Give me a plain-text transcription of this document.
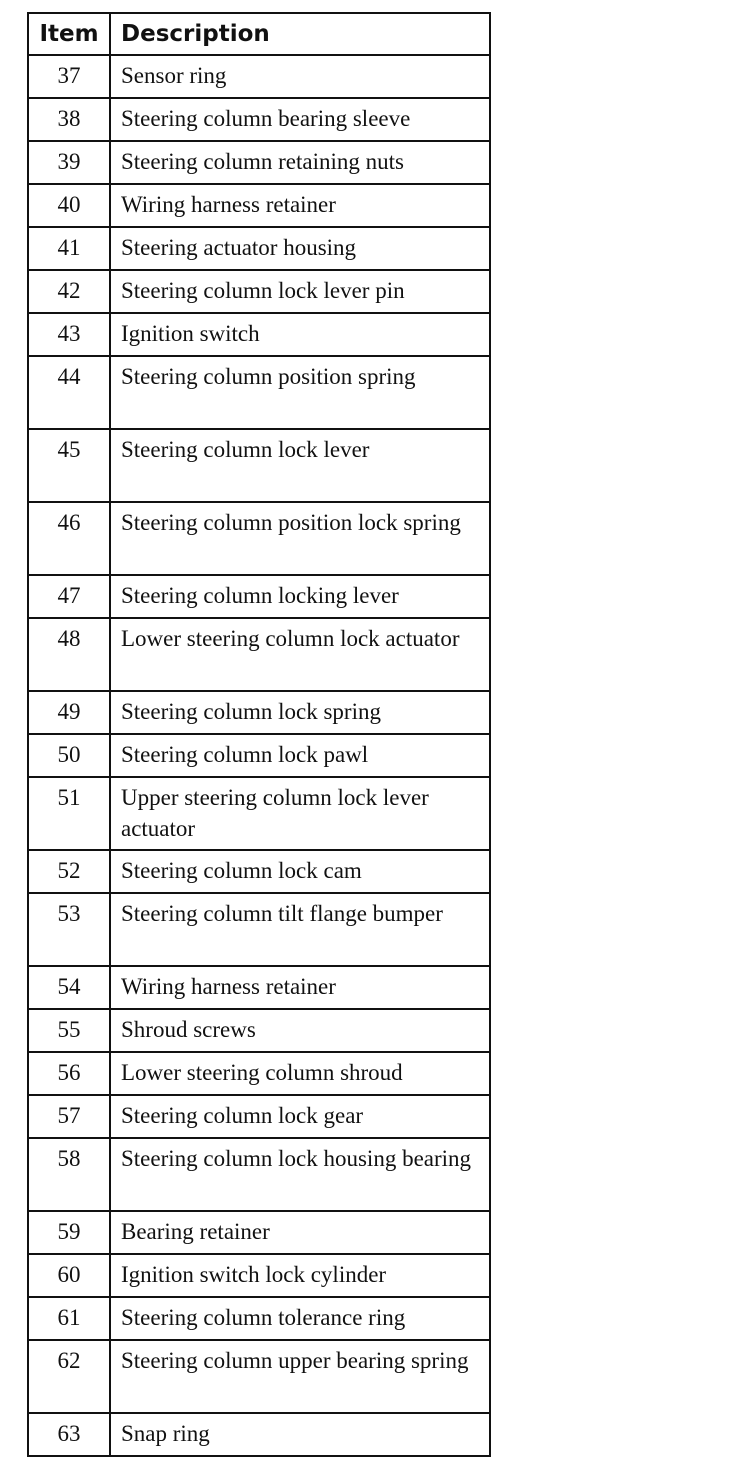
Item	Description
37	Sensor ring
38	Steering column bearing sleeve
39	Steering column retaining nuts
40	Wiring harness retainer
41	Steering actuator housing
42	Steering column lock lever pin
43	Ignition switch
44	Steering column position spring
45	Steering column lock lever
46	Steering column position lock spring
47	Steering column locking lever
48	Lower steering column lock actuator
49	Steering column lock spring
50	Steering column lock pawl
51	Upper steering column lock lever actuator
52	Steering column lock cam
53	Steering column tilt flange bumper
54	Wiring harness retainer
55	Shroud screws
56	Lower steering column shroud
57	Steering column lock gear
58	Steering column lock housing bearing
59	Bearing retainer
60	Ignition switch lock cylinder
61	Steering column tolerance ring
62	Steering column upper bearing spring
63	Snap ring
